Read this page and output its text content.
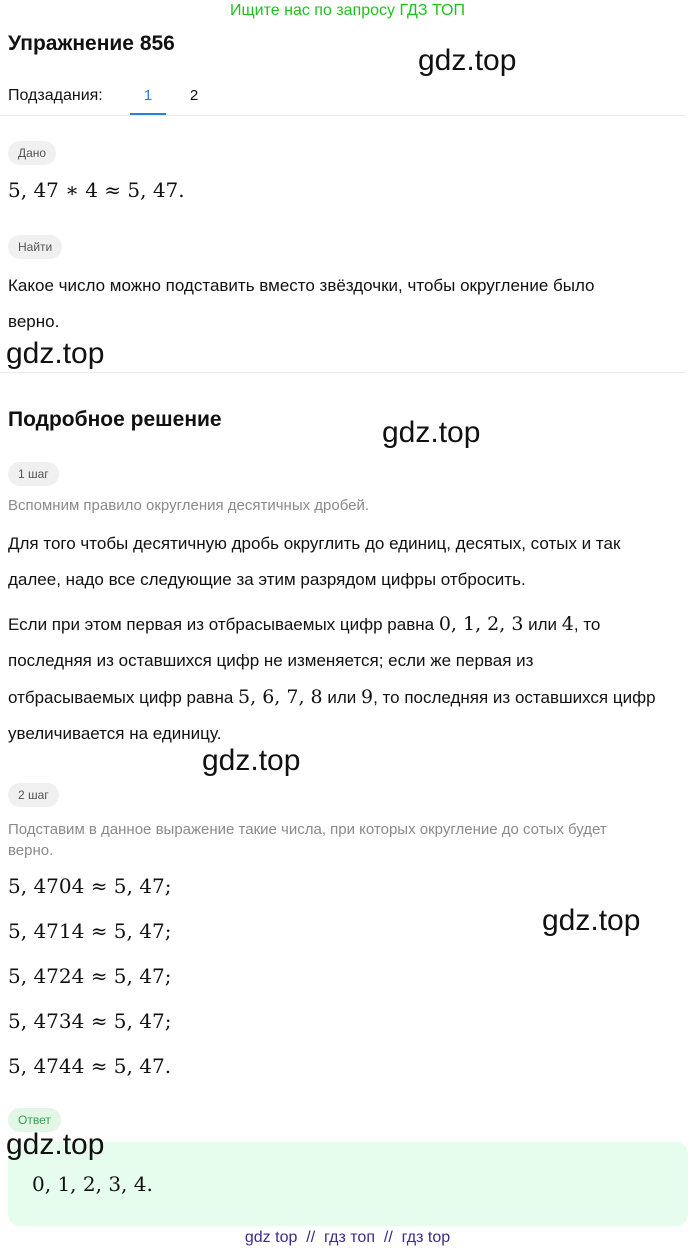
Ищите нас по запросу ГДЗ ТОП
Упражнение 856
Подзадания:	1	2
Дано
5, 47 ∗ 4 ≈ 5, 47.
Найти
Какое число можно подставить вместо звёздочки, чтобы округление было
верно.
Подробное решение
1 шаг
Вспомним правило округления десятичных дробей.
Для того чтобы десятичную дробь округлить до единиц, десятых, сотых и так
далее, надо все следующие за этим разрядом цифры отбросить.
Если при этом первая из отбрасываемых цифр равна 0, 1, 2, 3 или 4, то
последняя из оставшихся цифр не изменяется; если же первая из
отбрасываемых цифр равна 5, 6, 7, 8 или 9, то последняя из оставшихся цифр
увеличивается на единицу.
2 шаг
Подставим в данное выражение такие числа, при которых округление до сотых будет
верно.
5, 4704 ≈ 5, 47;
5, 4714 ≈ 5, 47;
5, 4724 ≈ 5, 47;
5, 4734 ≈ 5, 47;
5, 4744 ≈ 5, 47.
Ответ
0, 1, 2, 3, 4.
gdz.top
gdz.top
gdz.top
gdz.top
gdz.top
gdz.top
gdz top  //  гдз топ  //  гдз top
